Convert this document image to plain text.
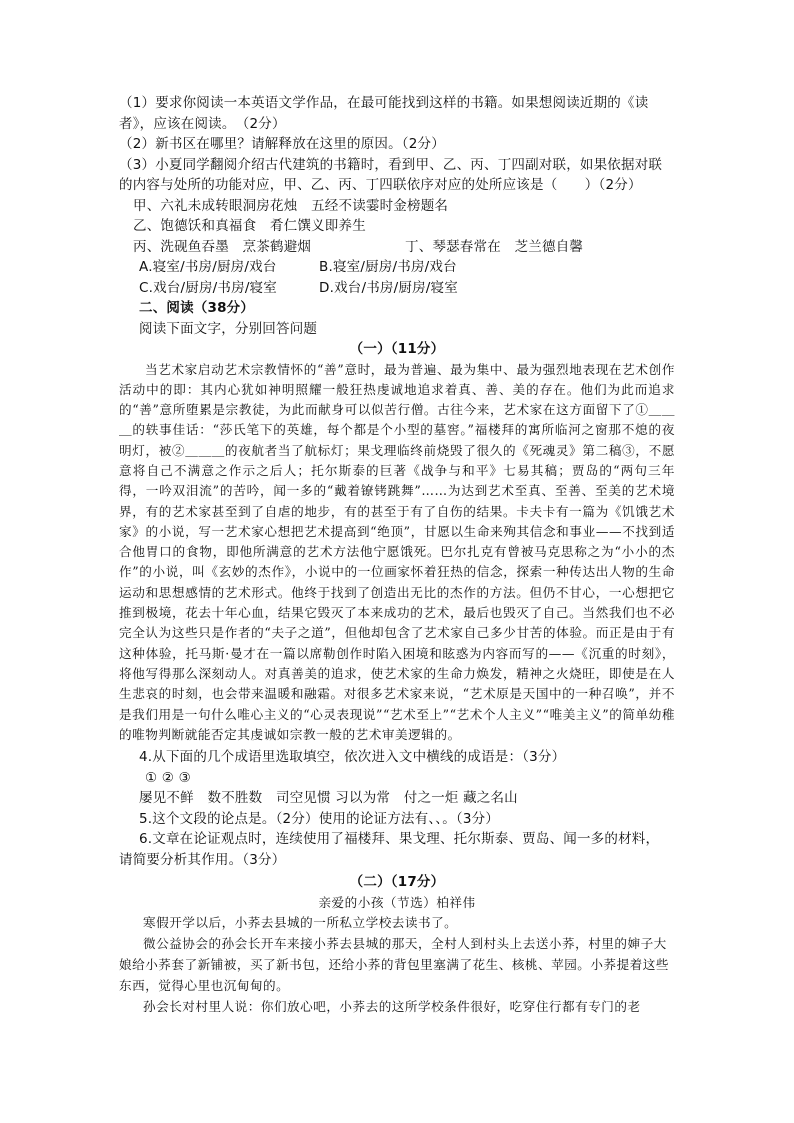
（1）要求你阅读一本英语文学作品，在最可能找到这样的书籍。如果想阅读近期的《读
者》，应该在阅读。　（2分）
（2）新书区在哪里？请解释放在这里的原因。（2分）
（3）小夏同学翻阅介绍古代建筑的书籍时，看到甲、乙、丙、丁四副对联，如果依据对联
的内容与处所的功能对应，甲、乙、丙、丁四联依序对应的处所应该是（　　）（2分）
甲、六礼未成转眼洞房花烛　五经不读霎时金榜题名
乙、饱德饫和真福食　肴仁馔义即养生
丙、洗砚鱼吞墨　烹茶鹤避烟	丁、琴瑟春常在　芝兰德自馨
A.寝室/书房/厨房/戏台	B.寝室/厨房/书房/戏台
C.戏台/厨房/书房/寝室	D.戏台/书房/厨房/寝室
二、阅读（38分）
阅读下面文字，分别回答问题
（一）（11分）
当艺术家启动艺术宗教情怀的“善”意时，最为普遍、最为集中、最为强烈地表现在艺术创作活动中的即：其内心犹如神明照耀一般狂热虔诚地追求着真、善、美的存在。他们为此而追求的“善”意所堕累是宗教徒，为此而献身可以似苦行僧。古往今来，艺术家在这方面留下了①＿＿＿的轶事佳话：“莎氏笔下的英雄，每个都是个小型的墓窖。”福楼拜的寓所临河之窗那不熄的夜明灯，被②＿＿＿的夜航者当了航标灯；果戈理临终前烧毁了很久的《死魂灵》第二稿③，不愿意将自己不满意之作示之后人；托尔斯泰的巨著《战争与和平》七易其稿；贾岛的“两句三年得，一吟双泪流”的苦吟，闻一多的“戴着镣铐跳舞”……为达到艺术至真、至善、至美的艺术境界，有的艺术家甚至到了自虐的地步，有的甚至于有了自伤的结果。卡夫卡有一篇为《饥饿艺术家》的小说，写一艺术家心想把艺术提高到“绝顶”，甘愿以生命来殉其信念和事业——不找到适合他胃口的食物，即他所满意的艺术方法他宁愿饿死。巴尔扎克有曾被马克思称之为“小小的杰作”的小说，叫《玄妙的杰作》，小说中的一位画家怀着狂热的信念，探索一种传达出人物的生命运动和思想感情的艺术形式。他终于找到了创造出无比的杰作的方法。但仍不甘心，一心想把它推到极境，花去十年心血，结果它毁灭了本来成功的艺术，最后也毁灭了自己。当然我们也不必完全认为这些只是作者的“夫子之道”，但他却包含了艺术家自己多少甘苦的体验。而正是由于有这种体验，托马斯·曼才在一篇以席勒创作时陷入困境和眩惑为内容而写的——《沉重的时刻》，将他写得那么深刻动人。对真善美的追求，使艺术家的生命力焕发，精神之火烧旺，即使是在人生悲哀的时刻，也会带来温暖和融霜。对很多艺术家来说，“艺术原是天国中的一种召唤”，并不是我们用是一句什么唯心主义的“心灵表现说”“艺术至上”“艺术个人主义”“唯美主义”的简单幼稚的唯物判断就能否定其虔诚如宗教一般的艺术审美逻辑的。
4.从下面的几个成语里选取填空，依次进入文中横线的成语是：（3分）
① ② ③
屡见不鲜　数不胜数　司空见惯 习以为常　付之一炬 藏之名山
5.这个文段的论点是。（2分）使用的论证方法有、、。（3分）
6.文章在论证观点时，连续使用了福楼拜、果戈理、托尔斯泰、贾岛、闻一多的材料，
请简要分析其作用。（3分）
（二）（17分）
亲爱的小孩（节选）柏祥伟
寒假开学以后，小荞去县城的一所私立学校去读书了。
微公益协会的孙会长开车来接小荞去县城的那天，全村人到村头上去送小荞，村里的婶子大娘给小荞套了新铺被，买了新书包，还给小荞的背包里塞满了花生、核桃、苹园。小荞提着这些东西，觉得心里也沉甸甸的。
孙会长对村里人说：你们放心吧，小荞去的这所学校条件很好，吃穿住行都有专门的老
